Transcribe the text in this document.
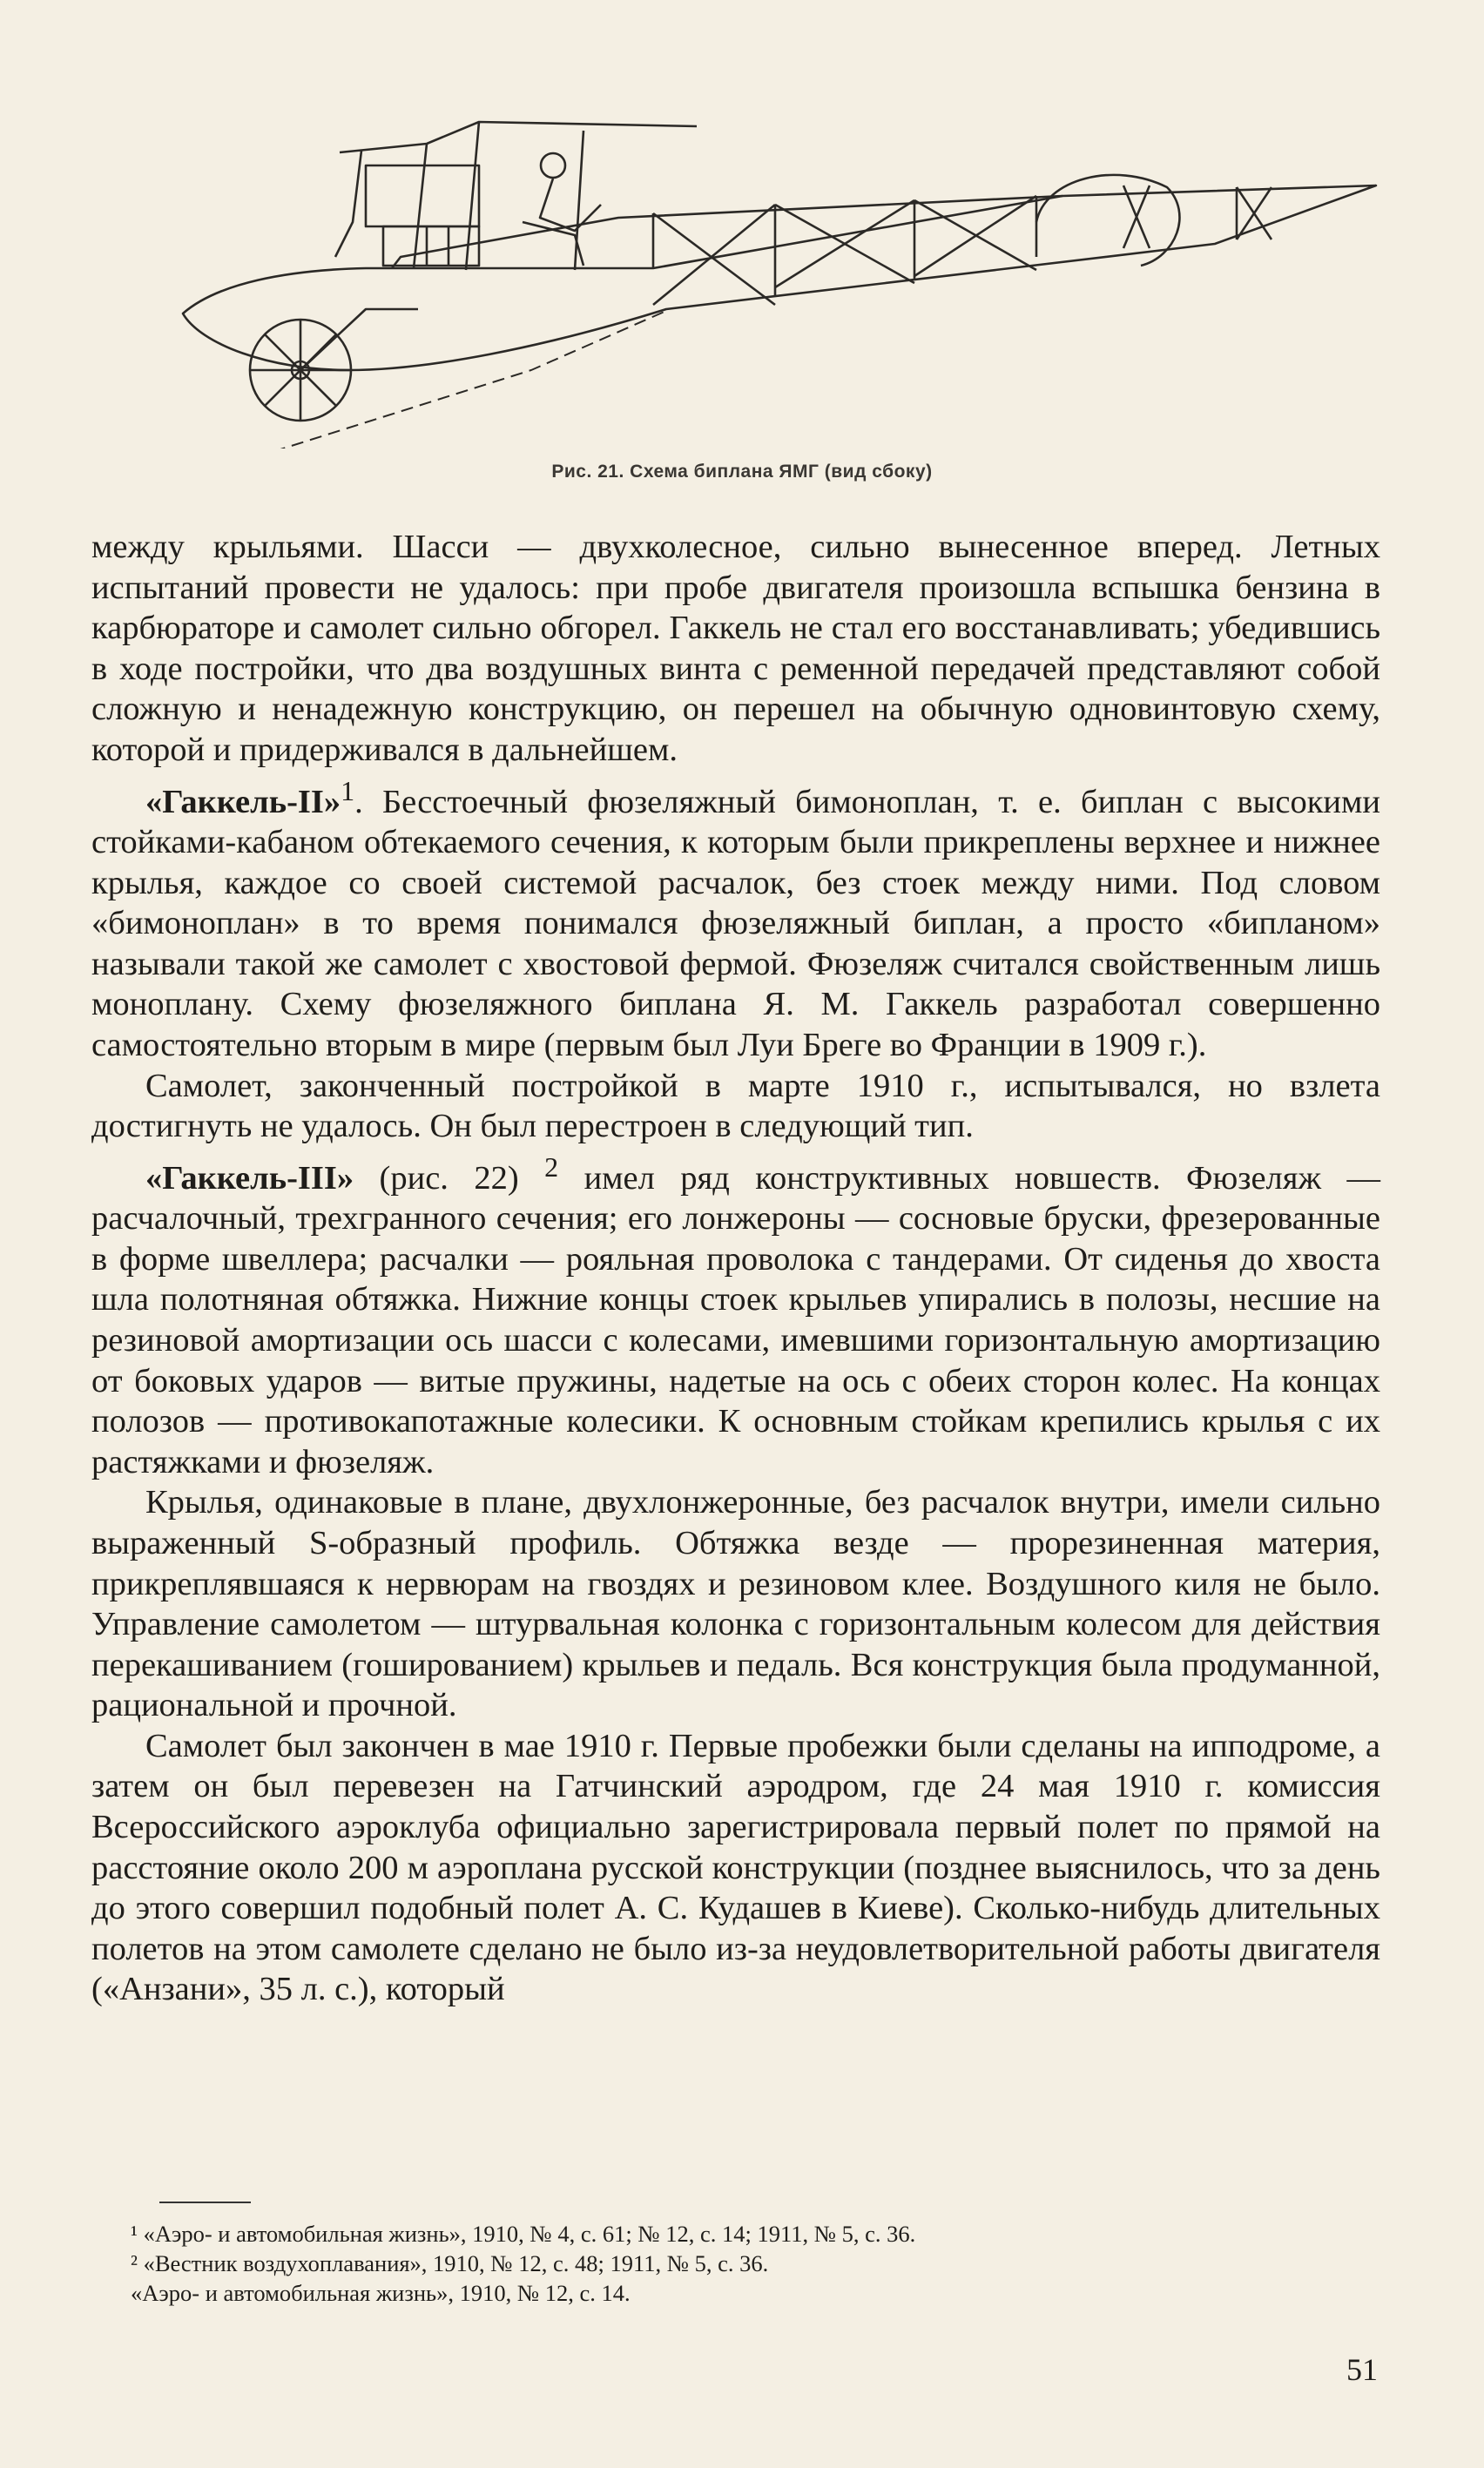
Рис. 21. Схема биплана ЯМГ (вид сбоку)

между крыльями. Шасси — двухколесное, сильно вынесенное вперед. Летных испытаний провести не удалось: при пробе двигателя произошла вспышка бензина в карбюраторе и самолет сильно обгорел. Гаккель не стал его восстанавливать; убедившись в ходе постройки, что два воздушных винта с ременной передачей представляют собой сложную и ненадежную конструкцию, он перешел на обычную одновинтовую схему, которой и придерживался в дальнейшем.

«Гаккель-II»$^1$. Бесстоечный фюзеляжный бимоноплан, т. е. биплан с высокими стойками-кабаном обтекаемого сечения, к которым были прикреплены верхнее и нижнее крылья, каждое со своей системой расчалок, без стоек между ними. Под словом «бимоноплан» в то время понимался фюзеляжный биплан, а просто «бипланом» называли такой же самолет с хвостовой фермой. Фюзеляж считался свойственным лишь моноплану. Схему фюзеляжного биплана Я. М. Гаккель разработал совершенно самостоятельно вторым в мире (первым был Луи Бреге во Франции в 1909 г.).

Самолет, законченный постройкой в марте 1910 г., испытывался, но взлета достигнуть не удалось. Он был перестроен в следующий тип.

«Гаккель-III» (рис. 22) $^2$ имел ряд конструктивных новшеств. Фюзеляж — расчалочный, трехгранного сечения; его лонжероны — сосновые бруски, фрезерованные в форме швеллера; расчалки — рояльная проволока с тандерами. От сиденья до хвоста шла полотняная обтяжка. Нижние концы стоек крыльев упирались в полозы, несшие на резиновой амортизации ось шасси с колесами, имевшими горизонтальную амортизацию от боковых ударов — витые пружины, надетые на ось с обеих сторон колес. На концах полозов — противокапотажные колесики. К основным стойкам крепились крылья с их растяжками и фюзеляж.

Крылья, одинаковые в плане, двухлонжеронные, без расчалок внутри, имели сильно выраженный S-образный профиль. Обтяжка везде — прорезиненная материя, прикреплявшаяся к нервюрам на гвоздях и резиновом клее. Воздушного киля не было. Управление самолетом — штурвальная колонка с горизонтальным колесом для действия перекашиванием (гошированием) крыльев и педаль. Вся конструкция была продуманной, рациональной и прочной.

Самолет был закончен в мае 1910 г. Первые пробежки были сделаны на ипподроме, а затем он был перевезен на Гатчинский аэродром, где 24 мая 1910 г. комиссия Всероссийского аэроклуба официально зарегистрировала первый полет по прямой на расстояние около 200 м аэроплана русской конструкции (позднее выяснилось, что за день до этого совершил подобный полет А. С. Кудашев в Киеве). Сколько-нибудь длительных полетов на этом самолете сделано не было из-за неудовлетворительной работы двигателя («Анзани», 35 л. с.), который

¹ «Аэро- и автомобильная жизнь», 1910, № 4, с. 61; № 12, с. 14; 1911, № 5, с. 36.
² «Вестник воздухоплавания», 1910, № 12, с. 48; 1911, № 5, с. 36.
«Аэро- и автомобильная жизнь», 1910, № 12, с. 14.
51
